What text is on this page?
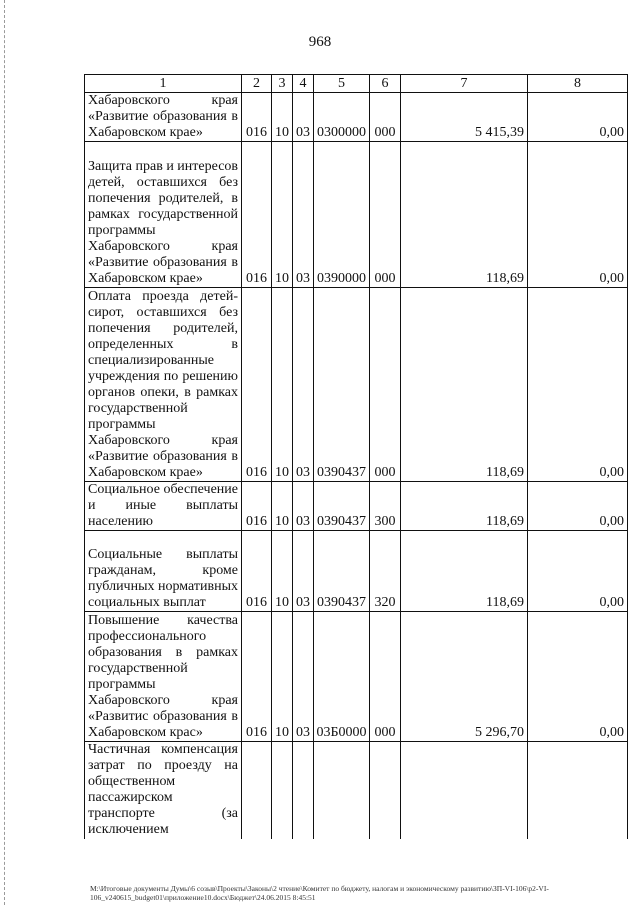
968
1	2	3	4	5	6	7	8
Хабаровского края «Развитие образования в Хабаровском крае»	016	10	03	0300000	000	5 415,39	0,00
Защита прав и интересов детей, оставшихся без попечения родителей, в рамках государственной программы Хабаровского края «Развитие образования в Хабаровском крае»	016	10	03	0390000	000	118,69	0,00
Оплата проезда детей-сирот, оставшихся без попечения родителей, определенных в специализированные учреждения по решению органов опеки, в рамках государственной программы Хабаровского края «Развитие образования в Хабаровском крае»	016	10	03	0390437	000	118,69	0,00
Социальное обеспечение и иные выплаты населению	016	10	03	0390437	300	118,69	0,00
Социальные выплаты гражданам, кроме публичных нормативных социальных выплат	016	10	03	0390437	320	118,69	0,00
Повышение качества профессионального образования в рамках государственной программы Хабаровского края «Развитис образования в Хабаровском крас»	016	10	03	03Б0000	000	5 296,70	0,00
Частичная компенсация затрат по проезду на общественном пассажирском транспорте (за исключением							
M:\Итоговые документы Думы\6 созыв\Проекты\Законы\2 чтение\Комитет по бюджету, налогам и экономическому развитию\ЗП-VI-106\p2-VI-106_v240615_budget01\приложение10.docx\Бюджет\24.06.2015 8:45:51
